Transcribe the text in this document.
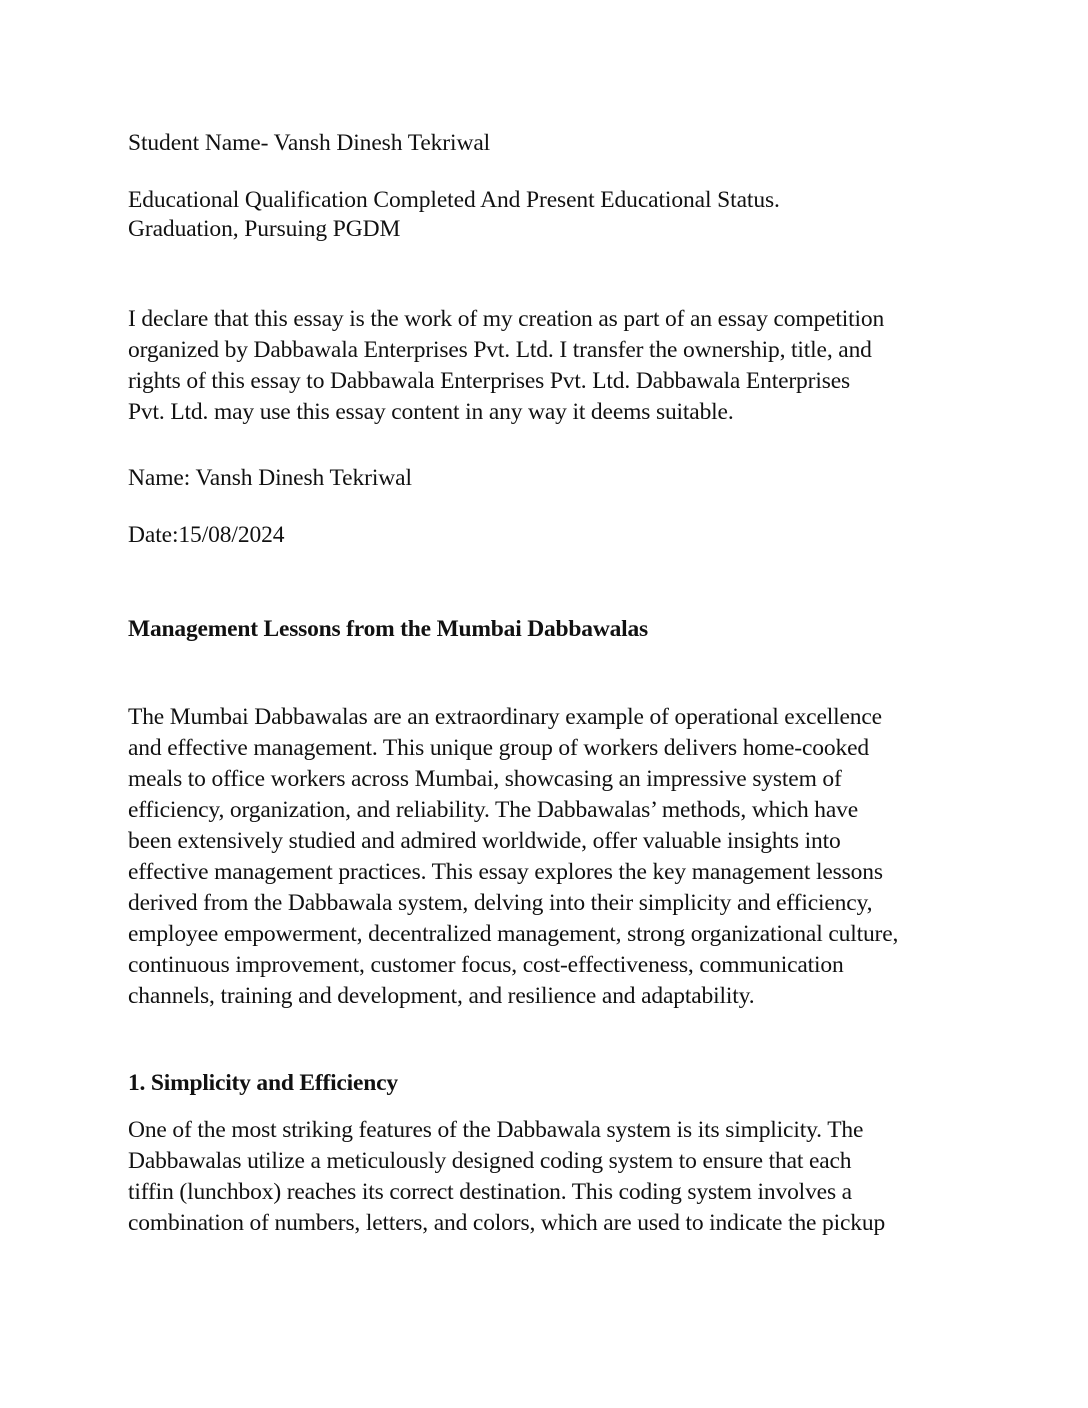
Student Name- Vansh Dinesh Tekriwal
Educational Qualification Completed And Present Educational Status.
Graduation, Pursuing PGDM
I declare that this essay is the work of my creation as part of an essay competition
organized by Dabbawala Enterprises Pvt. Ltd. I transfer the ownership, title, and
rights of this essay to Dabbawala Enterprises Pvt. Ltd. Dabbawala Enterprises
Pvt. Ltd. may use this essay content in any way it deems suitable.
Name: Vansh Dinesh Tekriwal
Date:15/08/2024
Management Lessons from the Mumbai Dabbawalas
The Mumbai Dabbawalas are an extraordinary example of operational excellence
and effective management. This unique group of workers delivers home-cooked
meals to office workers across Mumbai, showcasing an impressive system of
efficiency, organization, and reliability. The Dabbawalas’ methods, which have
been extensively studied and admired worldwide, offer valuable insights into
effective management practices. This essay explores the key management lessons
derived from the Dabbawala system, delving into their simplicity and efficiency,
employee empowerment, decentralized management, strong organizational culture,
continuous improvement, customer focus, cost-effectiveness, communication
channels, training and development, and resilience and adaptability.
1. Simplicity and Efficiency
One of the most striking features of the Dabbawala system is its simplicity. The
Dabbawalas utilize a meticulously designed coding system to ensure that each
tiffin (lunchbox) reaches its correct destination. This coding system involves a
combination of numbers, letters, and colors, which are used to indicate the pickup
